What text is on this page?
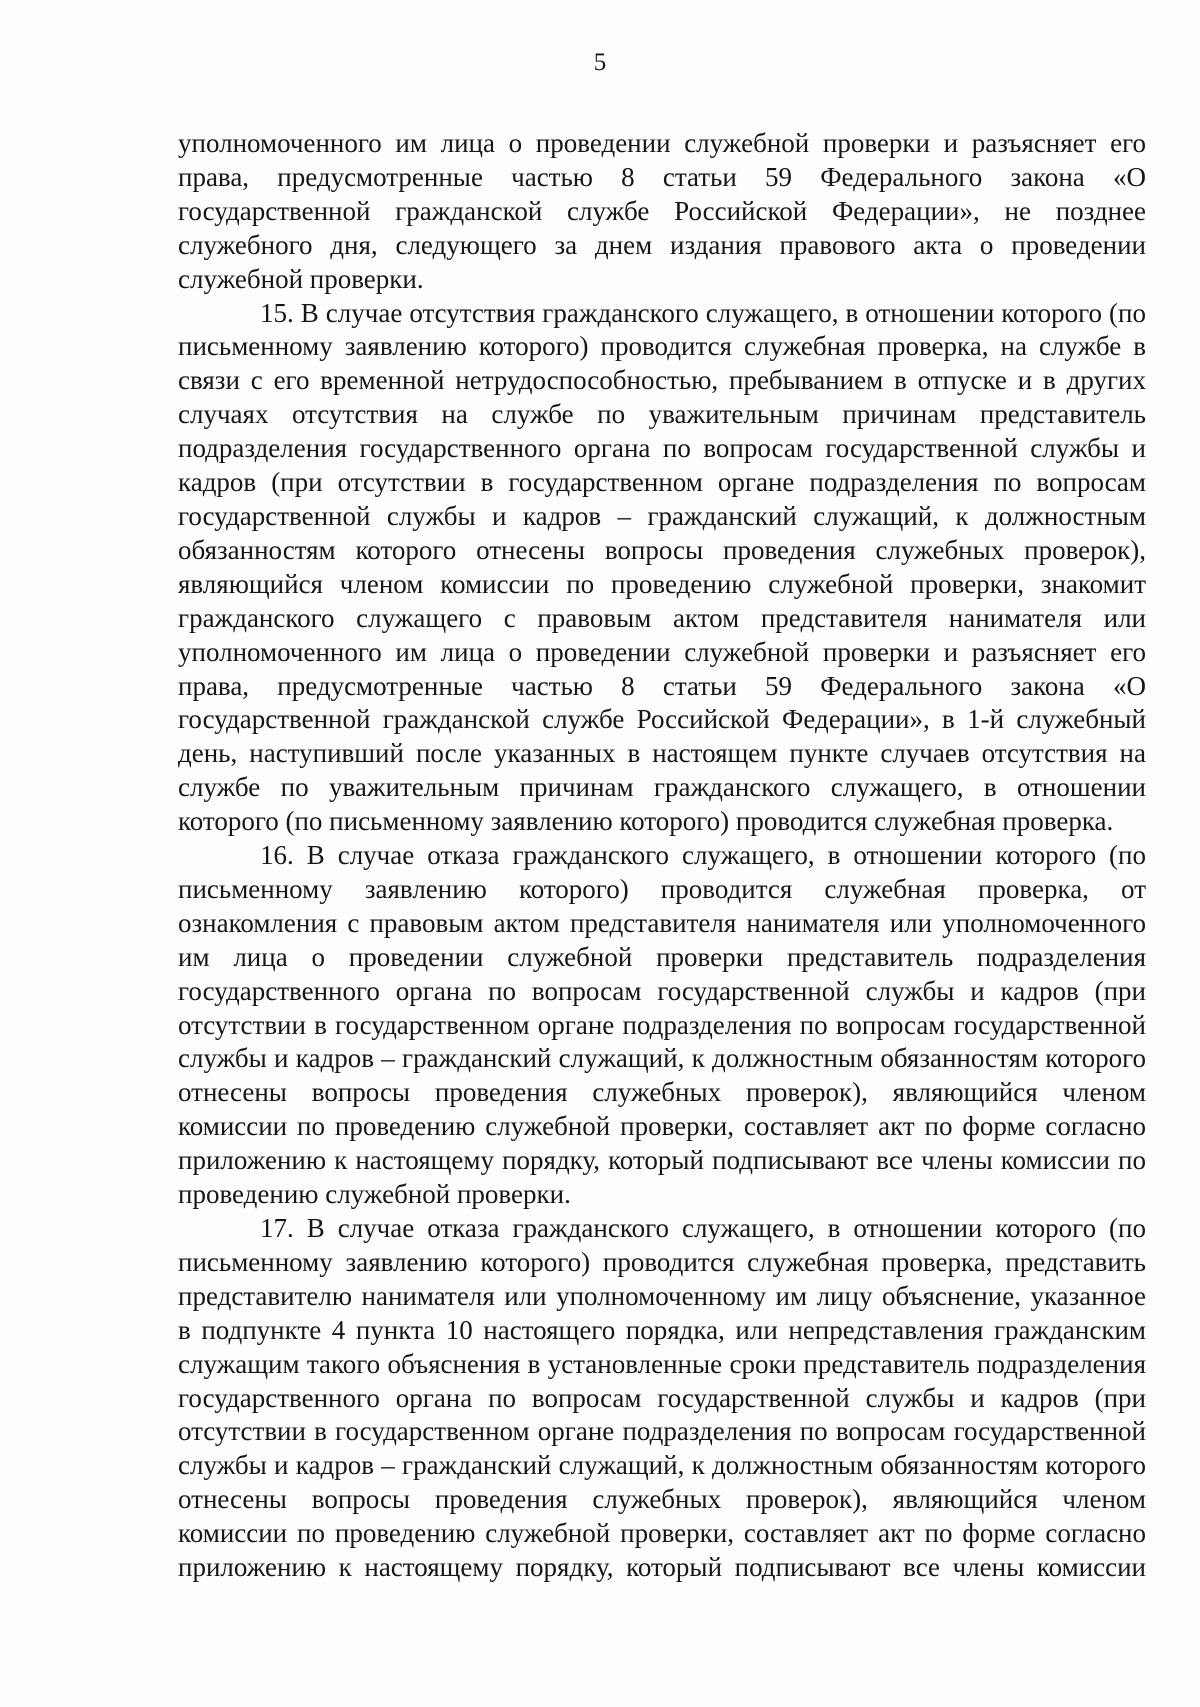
5

уполномоченного им лица о проведении служебной проверки и разъясняет его права, предусмотренные частью 8 статьи 59 Федерального закона «О государственной гражданской службе Российской Федерации», не позднее служебного дня, следующего за днем издания правового акта о проведении служебной проверки.

15. В случае отсутствия гражданского служащего, в отношении которого (по письменному заявлению которого) проводится служебная проверка, на службе в связи с его временной нетрудоспособностью, пребыванием в отпуске и в других случаях отсутствия на службе по уважительным причинам представитель подразделения государственного органа по вопросам государственной службы и кадров (при отсутствии в государственном органе подразделения по вопросам государственной службы и кадров – гражданский служащий, к должностным обязанностям которого отнесены вопросы проведения служебных проверок), являющийся членом комиссии по проведению служебной проверки, знакомит гражданского служащего с правовым актом представителя нанимателя или уполномоченного им лица о проведении служебной проверки и разъясняет его права, предусмотренные частью 8 статьи 59 Федерального закона «О государственной гражданской службе Российской Федерации», в 1-й служебный день, наступивший после указанных в настоящем пункте случаев отсутствия на службе по уважительным причинам гражданского служащего, в отношении которого (по письменному заявлению которого) проводится служебная проверка.

16. В случае отказа гражданского служащего, в отношении которого (по письменному заявлению которого) проводится служебная проверка, от ознакомления с правовым актом представителя нанимателя или уполномоченного им лица о проведении служебной проверки представитель подразделения государственного органа по вопросам государственной службы и кадров (при отсутствии в государственном органе подразделения по вопросам государственной службы и кадров – гражданский служащий, к должностным обязанностям которого отнесены вопросы проведения служебных проверок), являющийся членом комиссии по проведению служебной проверки, составляет акт по форме согласно приложению к настоящему порядку, который подписывают все члены комиссии по проведению служебной проверки.

17. В случае отказа гражданского служащего, в отношении которого (по письменному заявлению которого) проводится служебная проверка, представить представителю нанимателя или уполномоченному им лицу объяснение, указанное в подпункте 4 пункта 10 настоящего порядка, или непредставления гражданским служащим такого объяснения в установленные сроки представитель подразделения государственного органа по вопросам государственной службы и кадров (при отсутствии в государственном органе подразделения по вопросам государственной службы и кадров – гражданский служащий, к должностным обязанностям которого отнесены вопросы проведения служебных проверок), являющийся членом комиссии по проведению служебной проверки, составляет акт по форме согласно приложению к настоящему порядку, который подписывают все члены комиссии
